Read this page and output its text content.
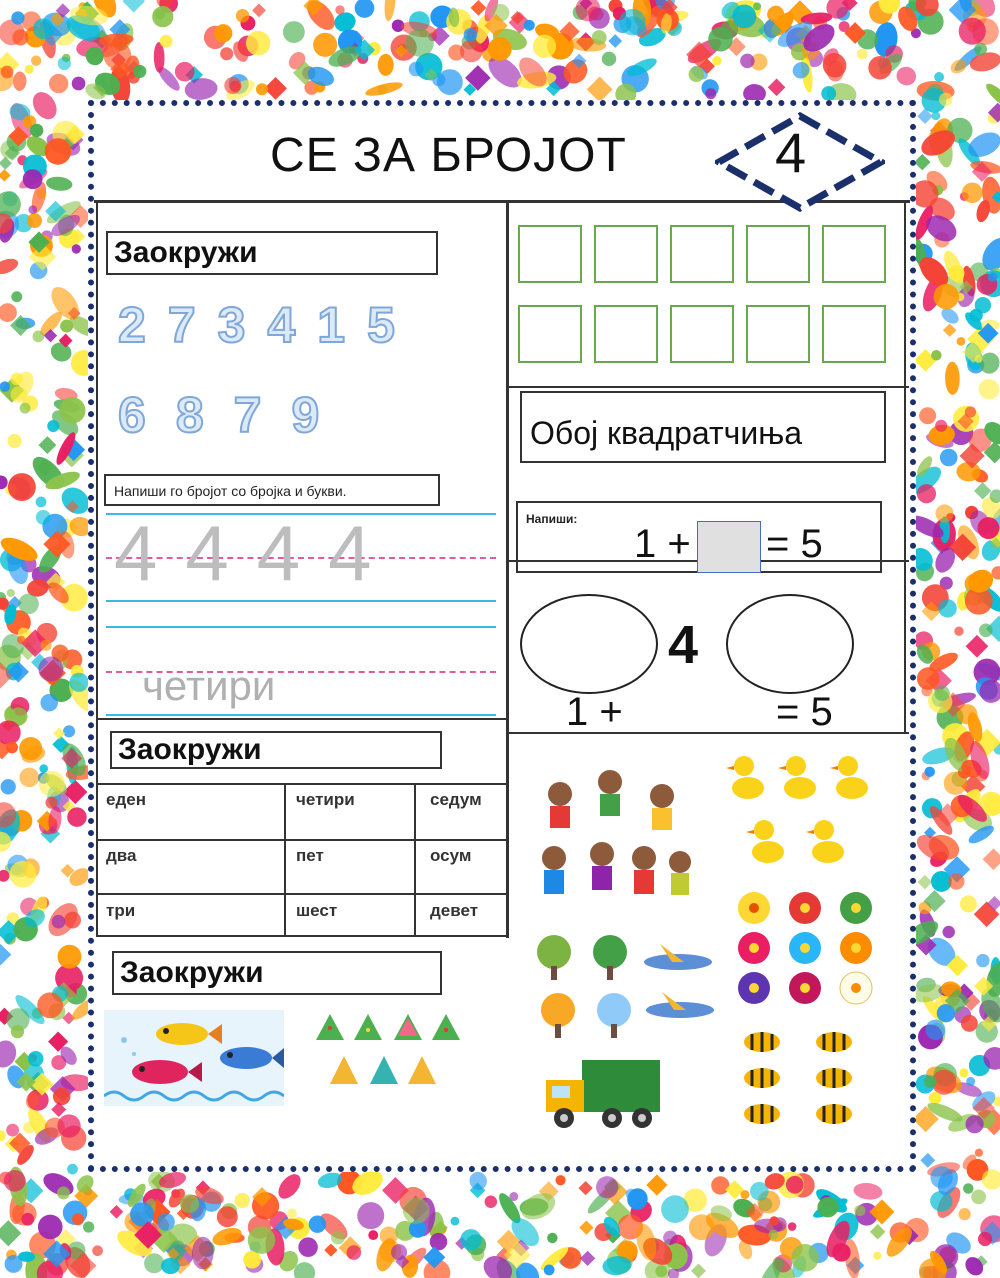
СЕ ЗА БРОЈОТ	4
Заокружи
2 7 3 4 1 5
6 8 7 9
Напиши го бројот со бројка и букви.
4 4 4 4
четири
Заокружи
еден	четири	седум
два	пет	осум
три	шест	девет
Заокружи
Обој квадратчиња
Напиши:
1 + = 5
4
1 +	= 5
